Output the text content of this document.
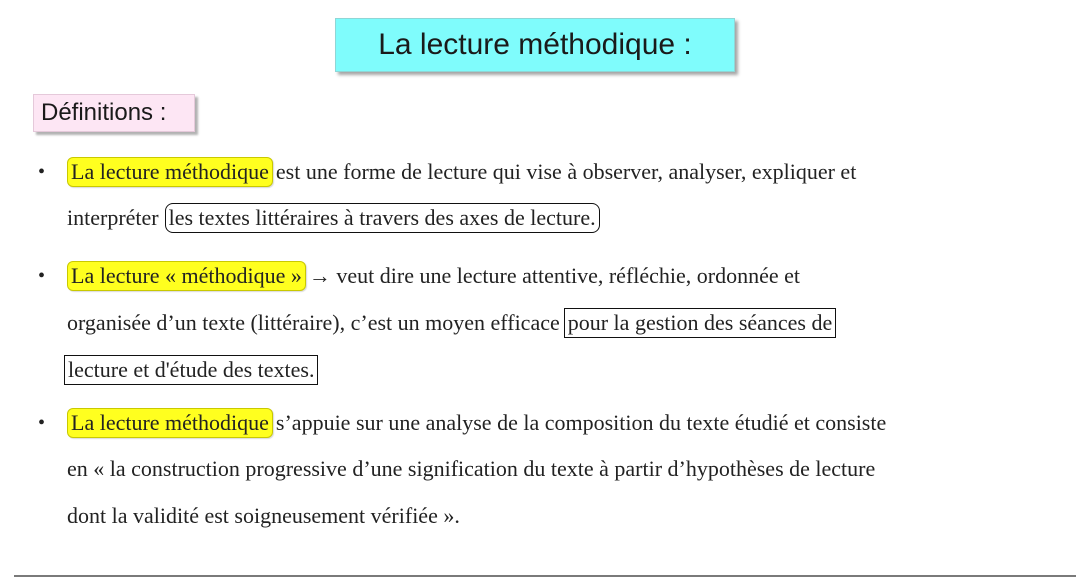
La lecture méthodique :
Définitions :
• La lecture méthodique est une forme de lecture qui vise à observer, analyser, expliquer et
interpréter les textes littéraires à travers des axes de lecture.
• La lecture « méthodique » → veut dire une lecture attentive, réfléchie, ordonnée et
organisée d’un texte (littéraire), c’est un moyen efficace pour la gestion des séances de
lecture et d'étude des textes.
• La lecture méthodique s’appuie sur une analyse de la composition du texte étudié et consiste
en « la construction progressive d’une signification du texte à partir d’hypothèses de lecture
dont la validité est soigneusement vérifiée ».
